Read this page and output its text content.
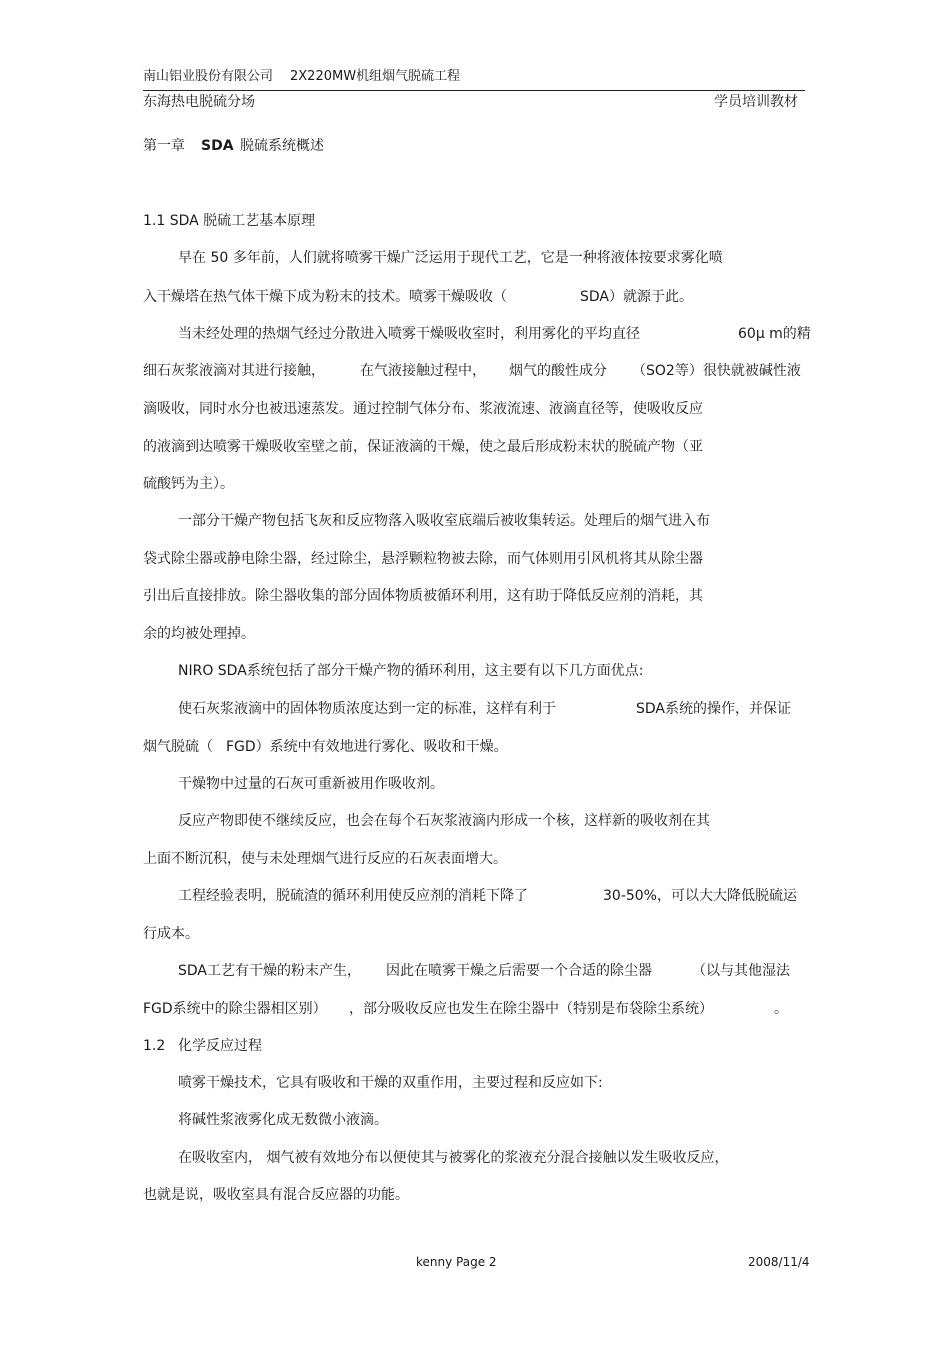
南山铝业股份有限公司 2X220MW机组烟气脱硫工程
东海热电脱硫分场	学员培训教材
第一章 SDA 脱硫系统概述
1.1 SDA 脱硫工艺基本原理
早在 50 多年前，人们就将喷雾干燥广泛运用于现代工艺，它是一种将液体按要求雾化喷
入干燥塔在热气体干燥下成为粉末的技术。喷雾干燥吸收（	SDA）就源于此。
当未经处理的热烟气经过分散进入喷雾干燥吸收室时，利用雾化的平均直径	60μ m的精
细石灰浆液滴对其进行接触，	在气液接触过程中， 烟气的酸性成分 （SO2等）很快就被碱性液
滴吸收，同时水分也被迅速蒸发。通过控制气体分布、浆液流速、液滴直径等，使吸收反应
的液滴到达喷雾干燥吸收室壁之前，保证液滴的干燥，使之最后形成粉末状的脱硫产物（亚
硫酸钙为主）。
一部分干燥产物包括飞灰和反应物落入吸收室底端后被收集转运。处理后的烟气进入布
袋式除尘器或静电除尘器，经过除尘，悬浮颗粒物被去除，而气体则用引风机将其从除尘器
引出后直接排放。除尘器收集的部分固体物质被循环利用，这有助于降低反应剂的消耗，其
余的均被处理掉。
NIRO SDA系统包括了部分干燥产物的循环利用，这主要有以下几方面优点:
使石灰浆液滴中的固体物质浓度达到一定的标准，这样有利于	SDA系统的操作，并保证
烟气脱硫（ FGD）系统中有效地进行雾化、吸收和干燥。
干燥物中过量的石灰可重新被用作吸收剂。
反应产物即使不继续反应，也会在每个石灰浆液滴内形成一个核，这样新的吸收剂在其
上面不断沉积，使与未处理烟气进行反应的石灰表面增大。
工程经验表明，脱硫渣的循环利用使反应剂的消耗下降了	30-50%，可以大大降低脱硫运
行成本。
SDA工艺有干燥的粉末产生， 因此在喷雾干燥之后需要一个合适的除尘器	（以与其他湿法
FGD系统中的除尘器相区别） ，部分吸收反应也发生在除尘器中（特别是布袋除尘系统）	。
1.2 化学反应过程
喷雾干燥技术，它具有吸收和干燥的双重作用，主要过程和反应如下:
将碱性浆液雾化成无数微小液滴。
在吸收室内， 烟气被有效地分布以便使其与被雾化的浆液充分混合接触以发生吸收反应，
也就是说，吸收室具有混合反应器的功能。
kenny Page 2	2008/11/4
